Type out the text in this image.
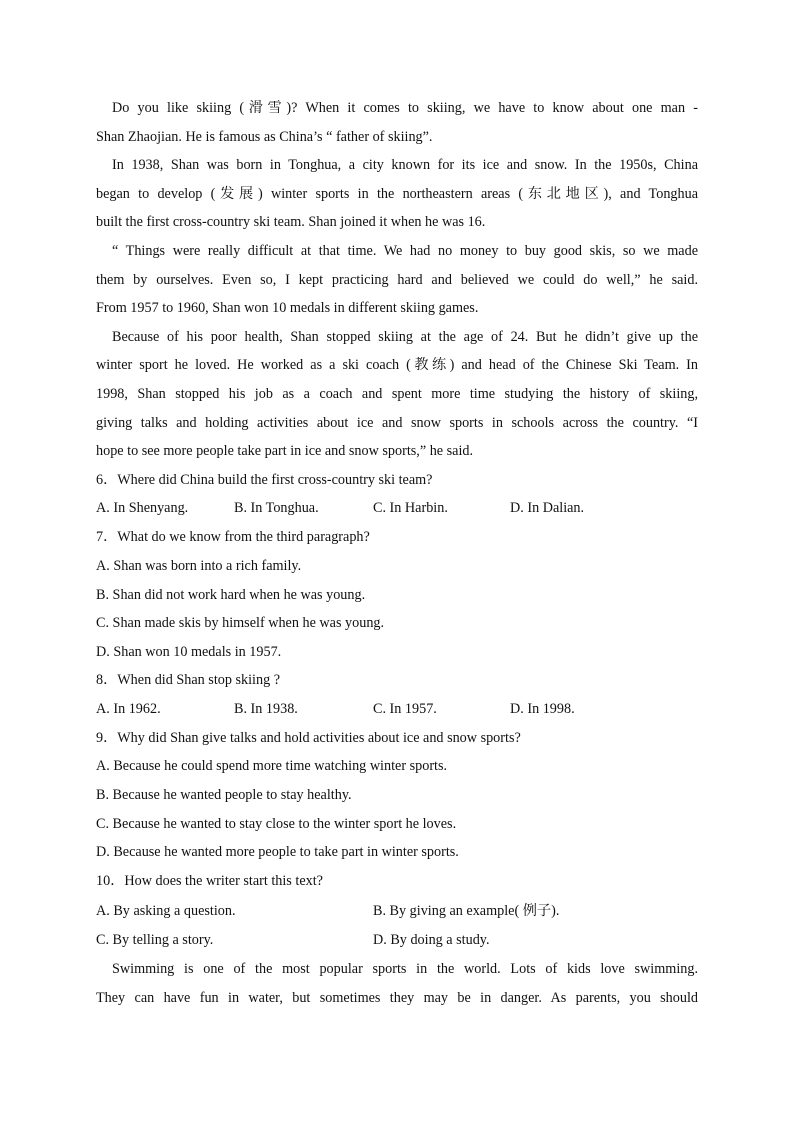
Do you like skiing (滑雪)? When it comes to skiing, we have to know about one man -
Shan Zhaojian. He is famous as China’s “ father of skiing”.
In 1938, Shan was born in Tonghua, a city known for its ice and snow. In the 1950s, China
began to develop (发展) winter sports in the northeastern areas (东北地区), and Tonghua
built the first cross-country ski team. Shan joined it when he was 16.
“ Things were really difficult at that time. We had no money to buy good skis, so we made
them by ourselves. Even so, I kept practicing hard and believed we could do well,” he said.
From 1957 to 1960, Shan won 10 medals in different skiing games.
Because of his poor health, Shan stopped skiing at the age of 24. But he didn’t give up the
winter sport he loved. He worked as a ski coach (教练) and head of the Chinese Ski Team. In
1998, Shan stopped his job as a coach and spent more time studying the history of skiing,
giving talks and holding activities about ice and snow sports in schools across the country. “I
hope to see more people take part in ice and snow sports,” he said.
6．Where did China build the first cross-country ski team?
A. In Shenyang.	B. In Tonghua.	C. In Harbin.	D. In Dalian.
7．What do we know from the third paragraph?
A. Shan was born into a rich family.
B. Shan did not work hard when he was young.
C. Shan made skis by himself when he was young.
D. Shan won 10 medals in 1957.
8．When did Shan stop skiing ?
A. In 1962.	B. In 1938.	C. In 1957.	D. In 1998.
9．Why did Shan give talks and hold activities about ice and snow sports?
A. Because he could spend more time watching winter sports.
B. Because he wanted people to stay healthy.
C. Because he wanted to stay close to the winter sport he loves.
D. Because he wanted more people to take part in winter sports.
10．How does the writer start this text?
A. By asking a question.	B. By giving an example( 例子).
C. By telling a story.	D. By doing a study.
Swimming is one of the most popular sports in the world. Lots of kids love swimming.
They can have fun in water, but sometimes they may be in danger. As parents, you should
